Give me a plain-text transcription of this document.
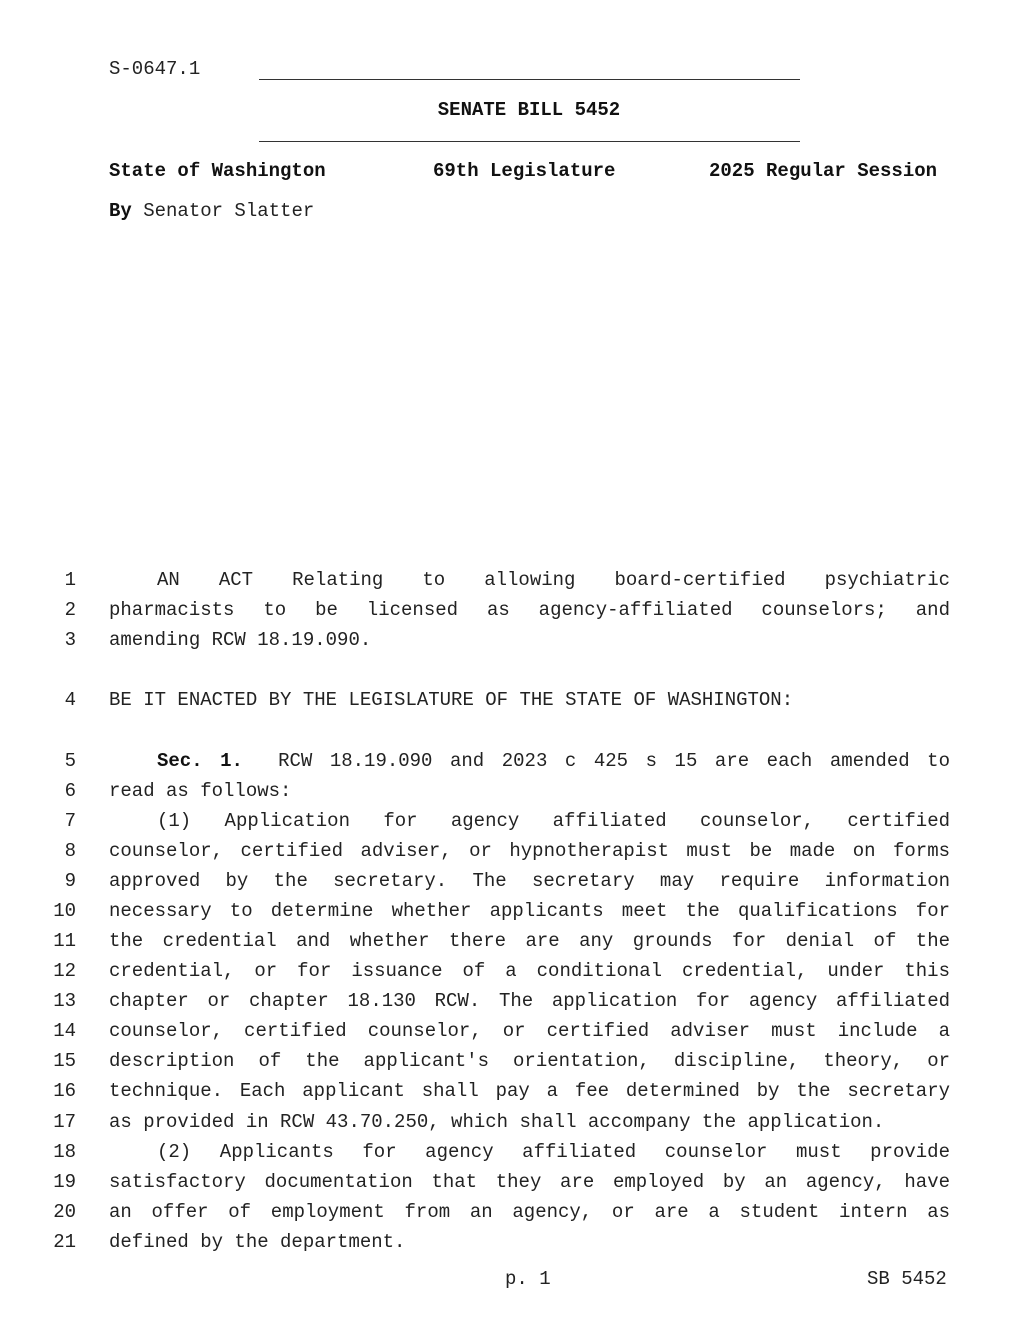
S-0647.1
SENATE BILL 5452
State of Washington	69th Legislature	2025 Regular Session
By Senator Slatter
1	AN ACT Relating to allowing board-certified psychiatric
2 pharmacists to be licensed as agency-affiliated counselors; and
3 amending RCW 18.19.090.
4 BE IT ENACTED BY THE LEGISLATURE OF THE STATE OF WASHINGTON:
5	Sec. 1. RCW 18.19.090 and 2023 c 425 s 15 are each amended to
6 read as follows:
7	(1) Application for agency affiliated counselor, certified
8 counselor, certified adviser, or hypnotherapist must be made on forms
9 approved by the secretary. The secretary may require information
10 necessary to determine whether applicants meet the qualifications for
11 the credential and whether there are any grounds for denial of the
12 credential, or for issuance of a conditional credential, under this
13 chapter or chapter 18.130 RCW. The application for agency affiliated
14 counselor, certified counselor, or certified adviser must include a
15 description of the applicant's orientation, discipline, theory, or
16 technique. Each applicant shall pay a fee determined by the secretary
17 as provided in RCW 43.70.250, which shall accompany the application.
18	(2) Applicants for agency affiliated counselor must provide
19 satisfactory documentation that they are employed by an agency, have
20 an offer of employment from an agency, or are a student intern as
21 defined by the department.
p. 1	SB 5452
